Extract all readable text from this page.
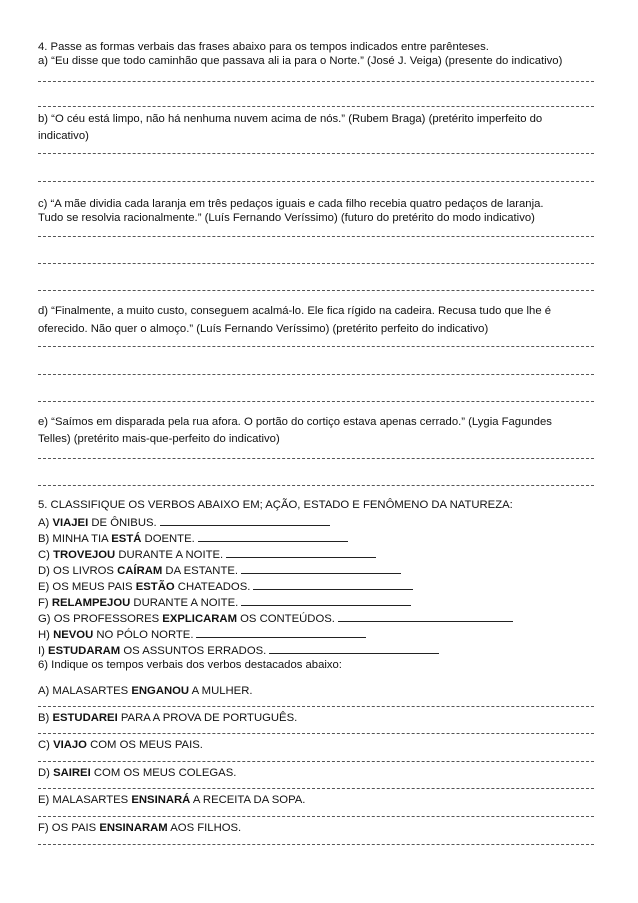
4. Passe as formas verbais das frases abaixo para os tempos indicados entre parênteses.
a) “Eu disse que todo caminhão que passava ali ia para o Norte.” (José J. Veiga) (presente do indicativo)
b) “O céu está limpo, não há nenhuma nuvem acima de nós.” (Rubem Braga) (pretérito imperfeito do
indicativo)
c) “A mãe dividia cada laranja em três pedaços iguais e cada filho recebia quatro pedaços de laranja.
Tudo se resolvia racionalmente.” (Luís Fernando Veríssimo) (futuro do pretérito do modo indicativo)
d) “Finalmente, a muito custo, conseguem acalmá-lo. Ele fica rígido na cadeira. Recusa tudo que lhe é
oferecido. Não quer o almoço.” (Luís Fernando Veríssimo) (pretérito perfeito do indicativo)
e) “Saímos em disparada pela rua afora. O portão do cortiço estava apenas cerrado.” (Lygia Fagundes
Telles) (pretérito mais-que-perfeito do indicativo)
5. CLASSIFIQUE OS VERBOS ABAIXO EM; AÇÃO, ESTADO E FENÔMENO DA NATUREZA:
A) VIAJEI DE ÔNIBUS.
B) MINHA TIA ESTÁ DOENTE.
C) TROVEJOU DURANTE A NOITE.
D) OS LIVROS CAÍRAM DA ESTANTE.
E) OS MEUS PAIS ESTÃO CHATEADOS.
F) RELAMPEJOU DURANTE A NOITE.
G) OS PROFESSORES EXPLICARAM OS CONTEÚDOS.
H) NEVOU NO PÓLO NORTE.
I) ESTUDARAM OS ASSUNTOS ERRADOS.
6) Indique os tempos verbais dos verbos destacados abaixo:
A) MALASARTES ENGANOU A MULHER.
B) ESTUDAREI PARA A PROVA DE PORTUGUÊS.
C) VIAJO COM OS MEUS PAIS.
D) SAIREI COM OS MEUS COLEGAS.
E) MALASARTES ENSINARÁ A RECEITA DA SOPA.
F) OS PAIS ENSINARAM AOS FILHOS.
